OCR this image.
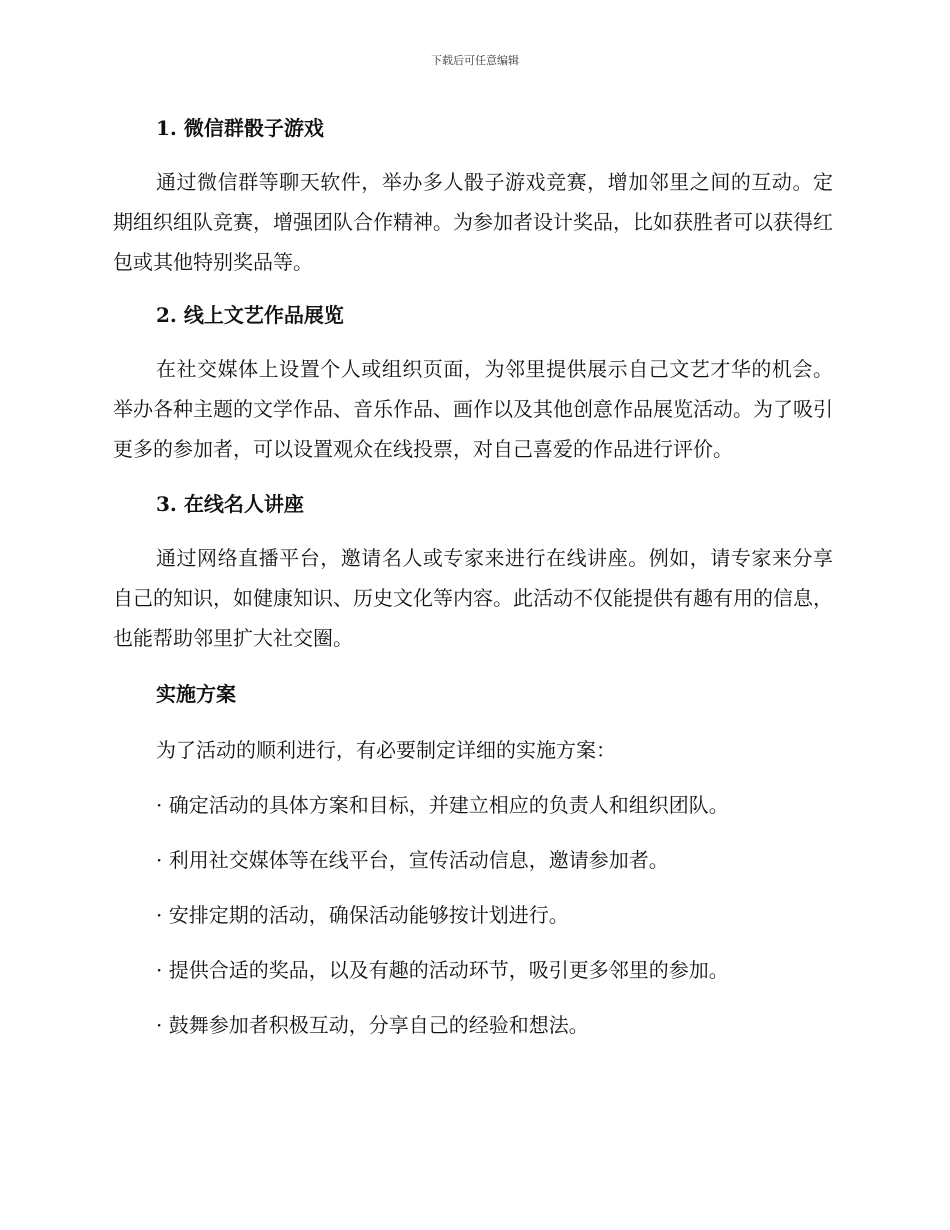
下载后可任意编辑
1. 微信群骰子游戏

通过微信群等聊天软件，举办多人骰子游戏竞赛，增加邻里之间的互动。定期组织组队竞赛，增强团队合作精神。为参加者设计奖品，比如获胜者可以获得红包或其他特别奖品等。

2. 线上文艺作品展览

在社交媒体上设置个人或组织页面，为邻里提供展示自己文艺才华的机会。举办各种主题的文学作品、音乐作品、画作以及其他创意作品展览活动。为了吸引更多的参加者，可以设置观众在线投票，对自己喜爱的作品进行评价。

3. 在线名人讲座

通过网络直播平台，邀请名人或专家来进行在线讲座。例如，请专家来分享自己的知识，如健康知识、历史文化等内容。此活动不仅能提供有趣有用的信息，也能帮助邻里扩大社交圈。

实施方案

为了活动的顺利进行，有必要制定详细的实施方案：

· 确定活动的具体方案和目标，并建立相应的负责人和组织团队。

· 利用社交媒体等在线平台，宣传活动信息，邀请参加者。

· 安排定期的活动，确保活动能够按计划进行。

· 提供合适的奖品，以及有趣的活动环节，吸引更多邻里的参加。

· 鼓舞参加者积极互动，分享自己的经验和想法。
